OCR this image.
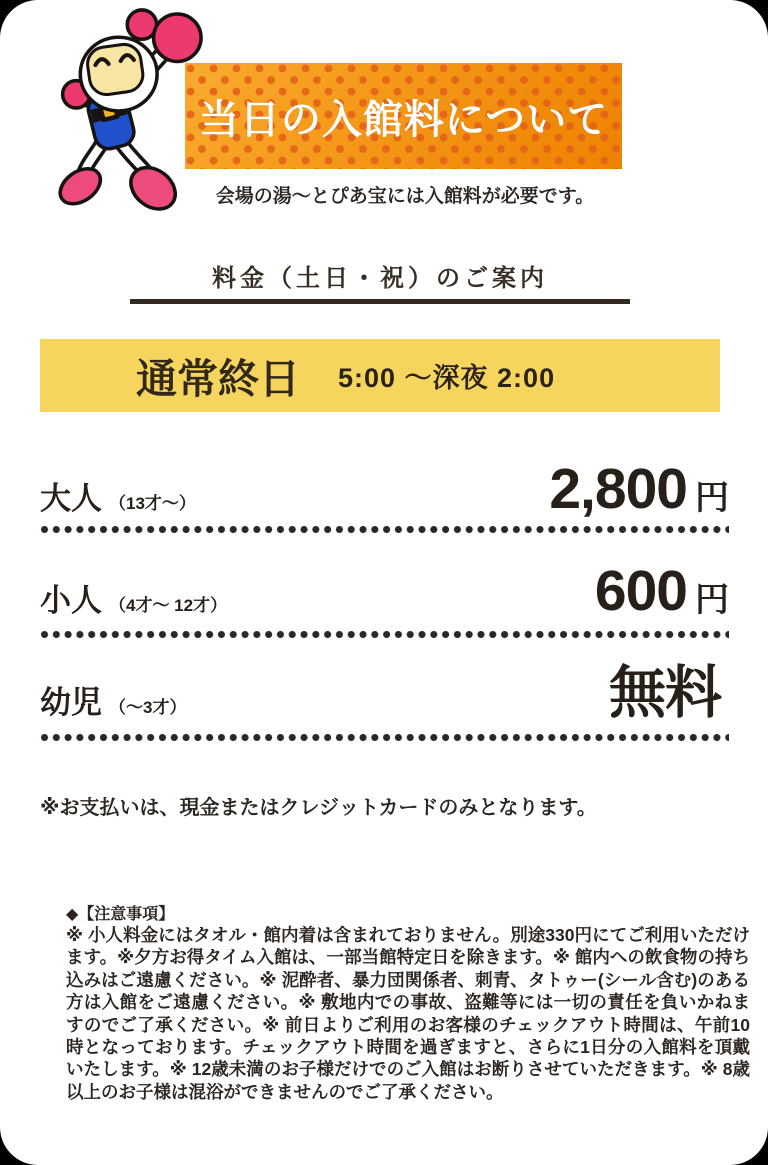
当日の入館料について
会場の湯〜とぴあ宝には入館料が必要です。
料金（土日・祝）のご案内
通常終日 5:00 〜深夜 2:00
大人 （13才〜）	2,800 円
小人 （4才〜 12才）	600 円
幼児 （〜3才）	無料
※お支払いは、現金またはクレジットカードのみとなります。
◆【注意事項】
※ 小人料金にはタオル・館内着は含まれておりません。別途330円にてご利用いただけます。※夕方お得タイム入館は、一部当館特定日を除きます。※ 館内への飲食物の持ち込みはご遠慮ください。※ 泥酔者、暴力団関係者、刺青、タトゥー(シール含む)のある方は入館をご遠慮ください。※ 敷地内での事故、盗難等には一切の責任を負いかねますのでご了承ください。※ 前日よりご利用のお客様のチェックアウト時間は、午前10時となっております。チェックアウト時間を過ぎますと、さらに1日分の入館料を頂戴いたします。※ 12歳未満のお子様だけでのご入館はお断りさせていただきます。※ 8歳以上のお子様は混浴ができませんのでご了承ください。
